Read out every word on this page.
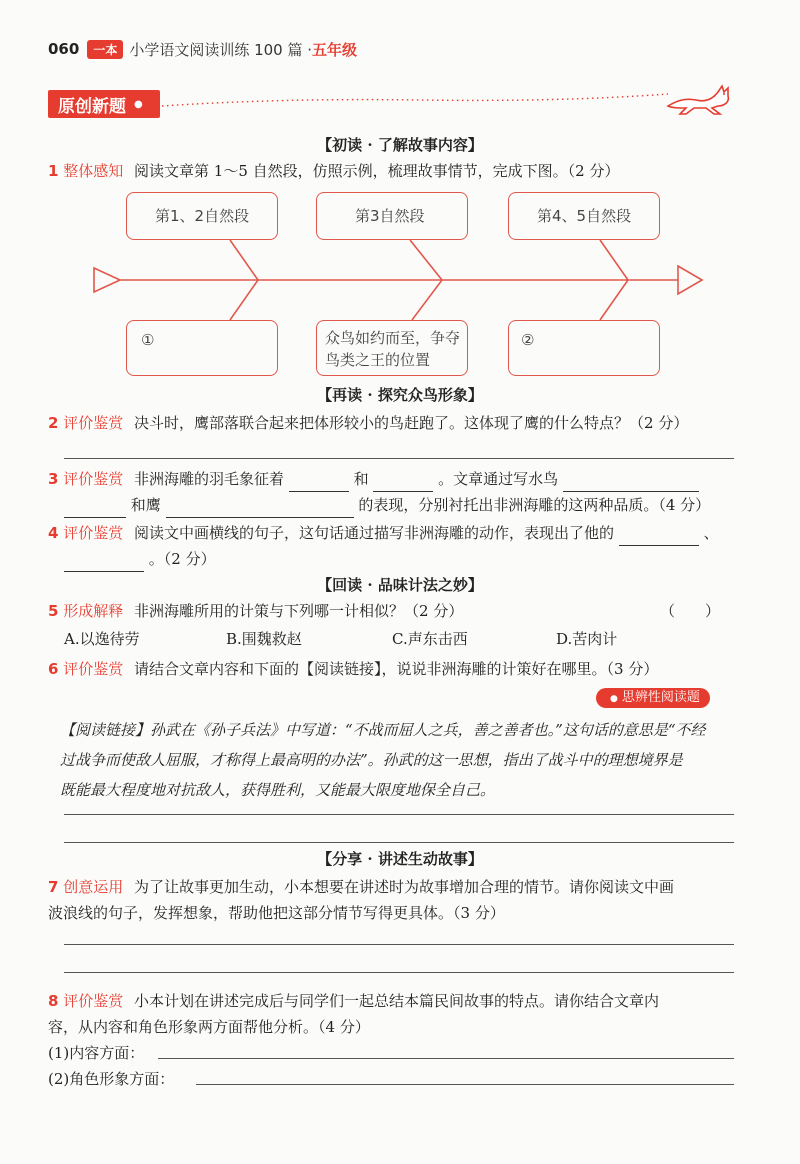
060	一本 小学语文阅读训练 100 篇 · 五年级
原创新题 ●
【初读 · 了解故事内容】
1 整体感知 阅读文章第 1～5 自然段，仿照示例，梳理故事情节，完成下图。（2 分）
第1、2自然段	第3自然段	第4、5自然段
①	众鸟如约而至，争夺
鸟类之王的位置
②
【再读 · 探究众鸟形象】
2 评价鉴赏 决斗时，鹰部落联合起来把体形较小的鸟赶跑了。这体现了鹰的什么特点？（2 分）
3 评价鉴赏 非洲海雕的羽毛象征着	和	。文章通过写水鸟
和鹰	的表现，分别衬托出非洲海雕的这两种品质。（4 分）
4 评价鉴赏 阅读文中画横线的句子，这句话通过描写非洲海雕的动作，表现出了他的	、
。（2 分）
【回读 · 品味计法之妙】
5 形成解释 非洲海雕所用的计策与下列哪一计相似？（2 分）	（　　）
A.以逸待劳	B.围魏救赵	C.声东击西	D.苦肉计
6 评价鉴赏 请结合文章内容和下面的【阅读链接】，说说非洲海雕的计策好在哪里。（3 分）
● 思辨性阅读题
【阅读链接】孙武在《孙子兵法》中写道：“不战而屈人之兵，善之善者也。”这句话的意思是“不经
过战争而使敌人屈服，才称得上最高明的办法”。孙武的这一思想，指出了战斗中的理想境界是
既能最大程度地对抗敌人，获得胜利，又能最大限度地保全自己。
【分享 · 讲述生动故事】
7 创意运用 为了让故事更加生动，小本想要在讲述时为故事增加合理的情节。请你阅读文中画
波浪线的句子，发挥想象，帮助他把这部分情节写得更具体。（3 分）
8 评价鉴赏 小本计划在讲述完成后与同学们一起总结本篇民间故事的特点。请你结合文章内
容，从内容和角色形象两方面帮他分析。（4 分）
(1)内容方面：
(2)角色形象方面：
